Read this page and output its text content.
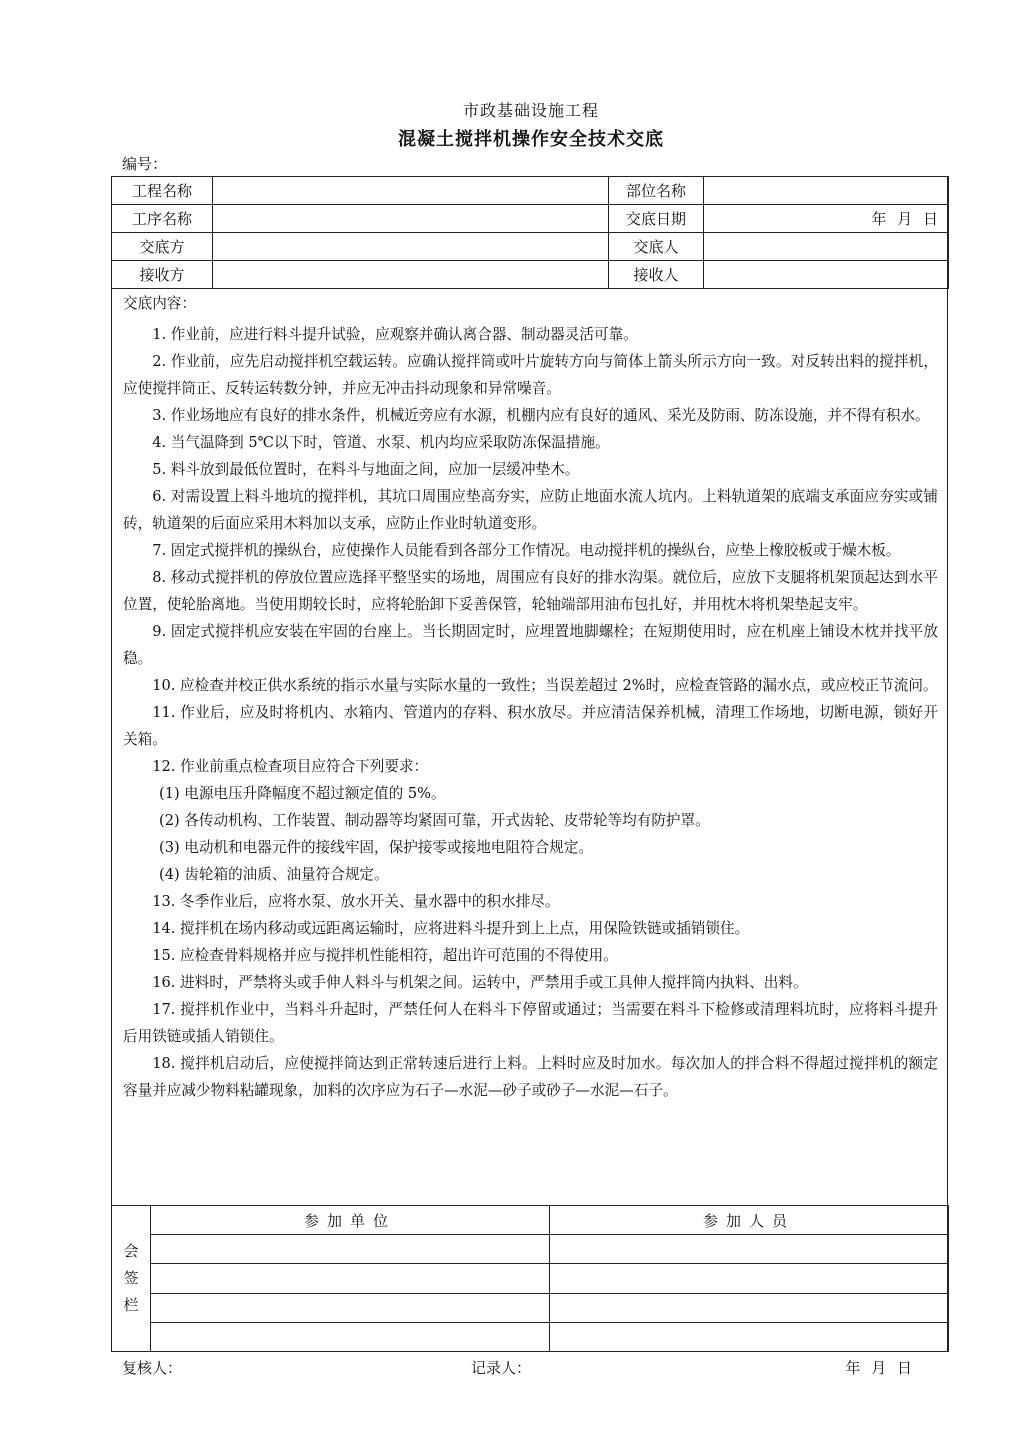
市政基础设施工程
混凝土搅拌机操作安全技术交底
编号：
工程名称		部位名称	
工序名称		交底日期	年 月 日
交底方		交底人	
接收方		接收人	
交底内容：

1. 作业前，应进行料斗提升试验，应观察并确认离合器、制动器灵活可靠。

2. 作业前，应先启动搅拌机空载运转。应确认搅拌筒或叶片旋转方向与简体上箭头所示方向一致。对反转出料的搅拌机，应使搅拌筒正、反转运转数分钟，并应无冲击抖动现象和异常噪音。

3. 作业场地应有良好的排水条件，机械近旁应有水源，机棚内应有良好的通风、采光及防雨、防冻设施，并不得有积水。

4. 当气温降到 5℃以下时，管道、水泵、机内均应采取防冻保温措施。

5. 料斗放到最低位置时，在料斗与地面之间，应加一层缓冲垫木。

6. 对需设置上料斗地坑的搅拌机，其坑口周围应垫高夯实，应防止地面水流人坑内。上料轨道架的底端支承面应夯实或铺砖，轨道架的后面应采用木料加以支承，应防止作业时轨道变形。

7. 固定式搅拌机的操纵台，应使操作人员能看到各部分工作情况。电动搅拌机的操纵台，应垫上橡胶板或于燥木板。

8. 移动式搅拌机的停放位置应选择平整坚实的场地，周围应有良好的排水沟渠。就位后，应放下支腿将机架顶起达到水平位置，使轮胎离地。当使用期较长时，应将轮胎卸下妥善保管，轮轴端部用油布包扎好，并用枕木将机架垫起支牢。

9. 固定式搅拌机应安装在牢固的台座上。当长期固定时，应埋置地脚螺栓；在短期使用时，应在机座上铺设木枕并找平放稳。

10. 应检查并校正供水系统的指示水量与实际水量的一致性；当误差超过 2%时，应检查管路的漏水点，或应校正节流问。

11. 作业后，应及时将机内、水箱内、管道内的存料、积水放尽。并应清洁保养机械，清理工作场地，切断电源，锁好开关箱。

12. 作业前重点检查项目应符合下列要求：

(1) 电源电压升降幅度不超过额定值的 5%。

(2) 各传动机构、工作装置、制动器等均紧固可靠，开式齿轮、皮带轮等均有防护罩。

(3) 电动机和电器元件的接线牢固，保护接零或接地电阻符合规定。

(4) 齿轮箱的油质、油量符合规定。

13. 冬季作业后，应将水泵、放水开关、量水器中的积水排尽。

14. 搅拌机在场内移动或远距离运输时，应将进料斗提升到上上点，用保险铁链或插销锁住。

15. 应检查骨料规格并应与搅拌机性能相符，超出许可范围的不得使用。

16. 进料时，严禁将头或手伸人料斗与机架之间。运转中，严禁用手或工具伸人搅拌筒内执料、出料。

17. 搅拌机作业中，当料斗升起时，严禁任何人在料斗下停留或通过；当需要在料斗下检修或清理料坑时，应将料斗提升后用铁链或插人销锁住。

18. 搅拌机启动后，应使搅拌筒达到正常转速后进行上料。上料时应及时加水。每次加人的拌合料不得超过搅拌机的额定容量并应减少物料粘罐现象，加料的次序应为石子—水泥—砂子或砂子—水泥—石子。

会
签
栏	参加单位	参加人员

复核人：	记录人：	年 月 日
